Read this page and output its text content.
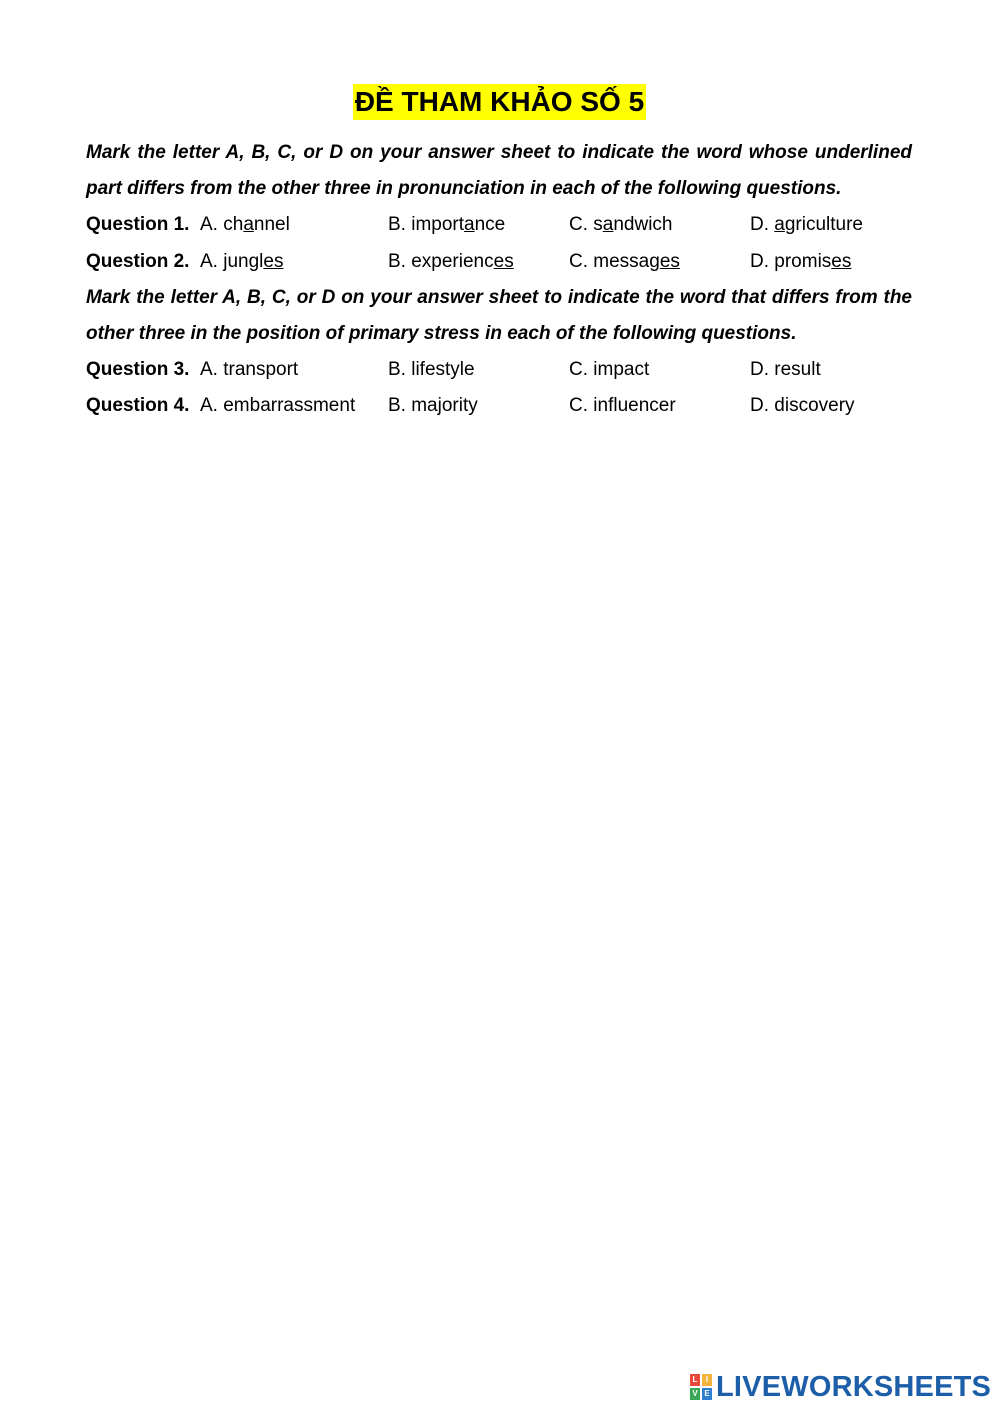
ĐỀ THAM KHẢO SỐ 5

Mark the letter A, B, C, or D on your answer sheet to indicate the word whose underlined part differs from the other three in pronunciation in each of the following questions.

Question 1. A. channel	B. importance	C. sandwich	D. agriculture
Question 2. A. jungles	B. experiences	C. messages	D. promises

Mark the letter A, B, C, or D on your answer sheet to indicate the word that differs from the other three in the position of primary stress in each of the following questions.

Question 3. A. transport	B. lifestyle	C. impact	D. result
Question 4. A. embarrassment B. majority	C. influencer	D. discovery
L	I
V E LIVEWORKSHEETS
